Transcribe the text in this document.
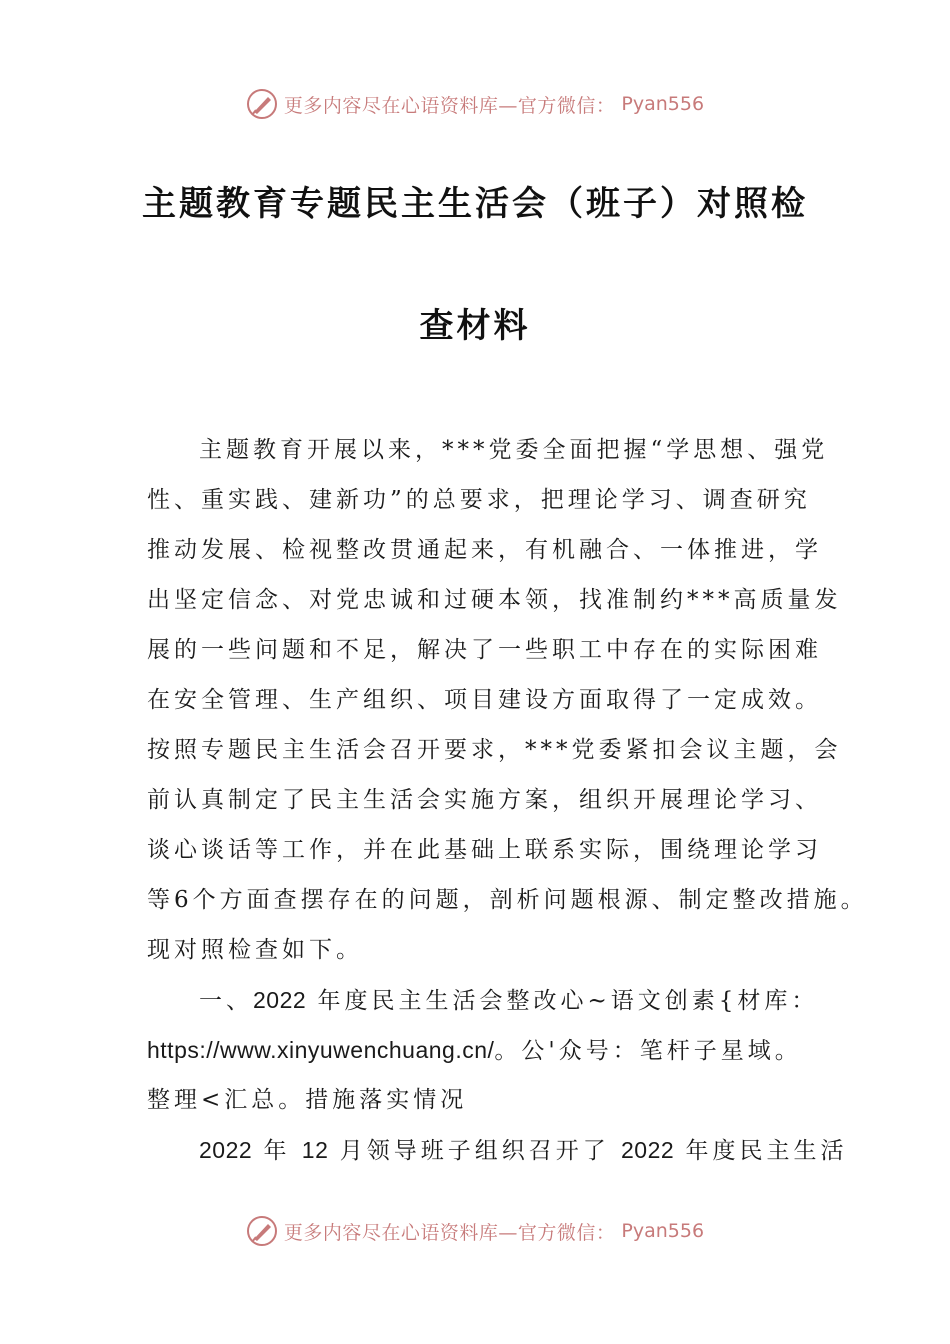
更多内容尽在心语资料库—官方微信： Pyan556
主题教育专题民主生活会（班子）对照检
查材料
主题教育开展以来，***党委全面把握“学思想、强党
性、重实践、建新功”的总要求，把理论学习、调查研究
推动发展、检视整改贯通起来，有机融合、一体推进，学
出坚定信念、对党忠诚和过硬本领，找准制约***高质量发
展的一些问题和不足，解决了一些职工中存在的实际困难
在安全管理、生产组织、项目建设方面取得了一定成效。
按照专题民主生活会召开要求，***党委紧扣会议主题，会
前认真制定了民主生活会实施方案，组织开展理论学习、
谈心谈话等工作，并在此基础上联系实际，围绕理论学习
等6个方面查摆存在的问题，剖析问题根源、制定整改措施。
现对照检查如下。
一、2022 年度民主生活会整改心~语文创素{材库：
https://www.xinyuwenchuang.cn/。公'众号：笔杆子星域。
整理<汇总。措施落实情况
2022 年 12 月领导班子组织召开了 2022 年度民主生活
更多内容尽在心语资料库—官方微信： Pyan556
